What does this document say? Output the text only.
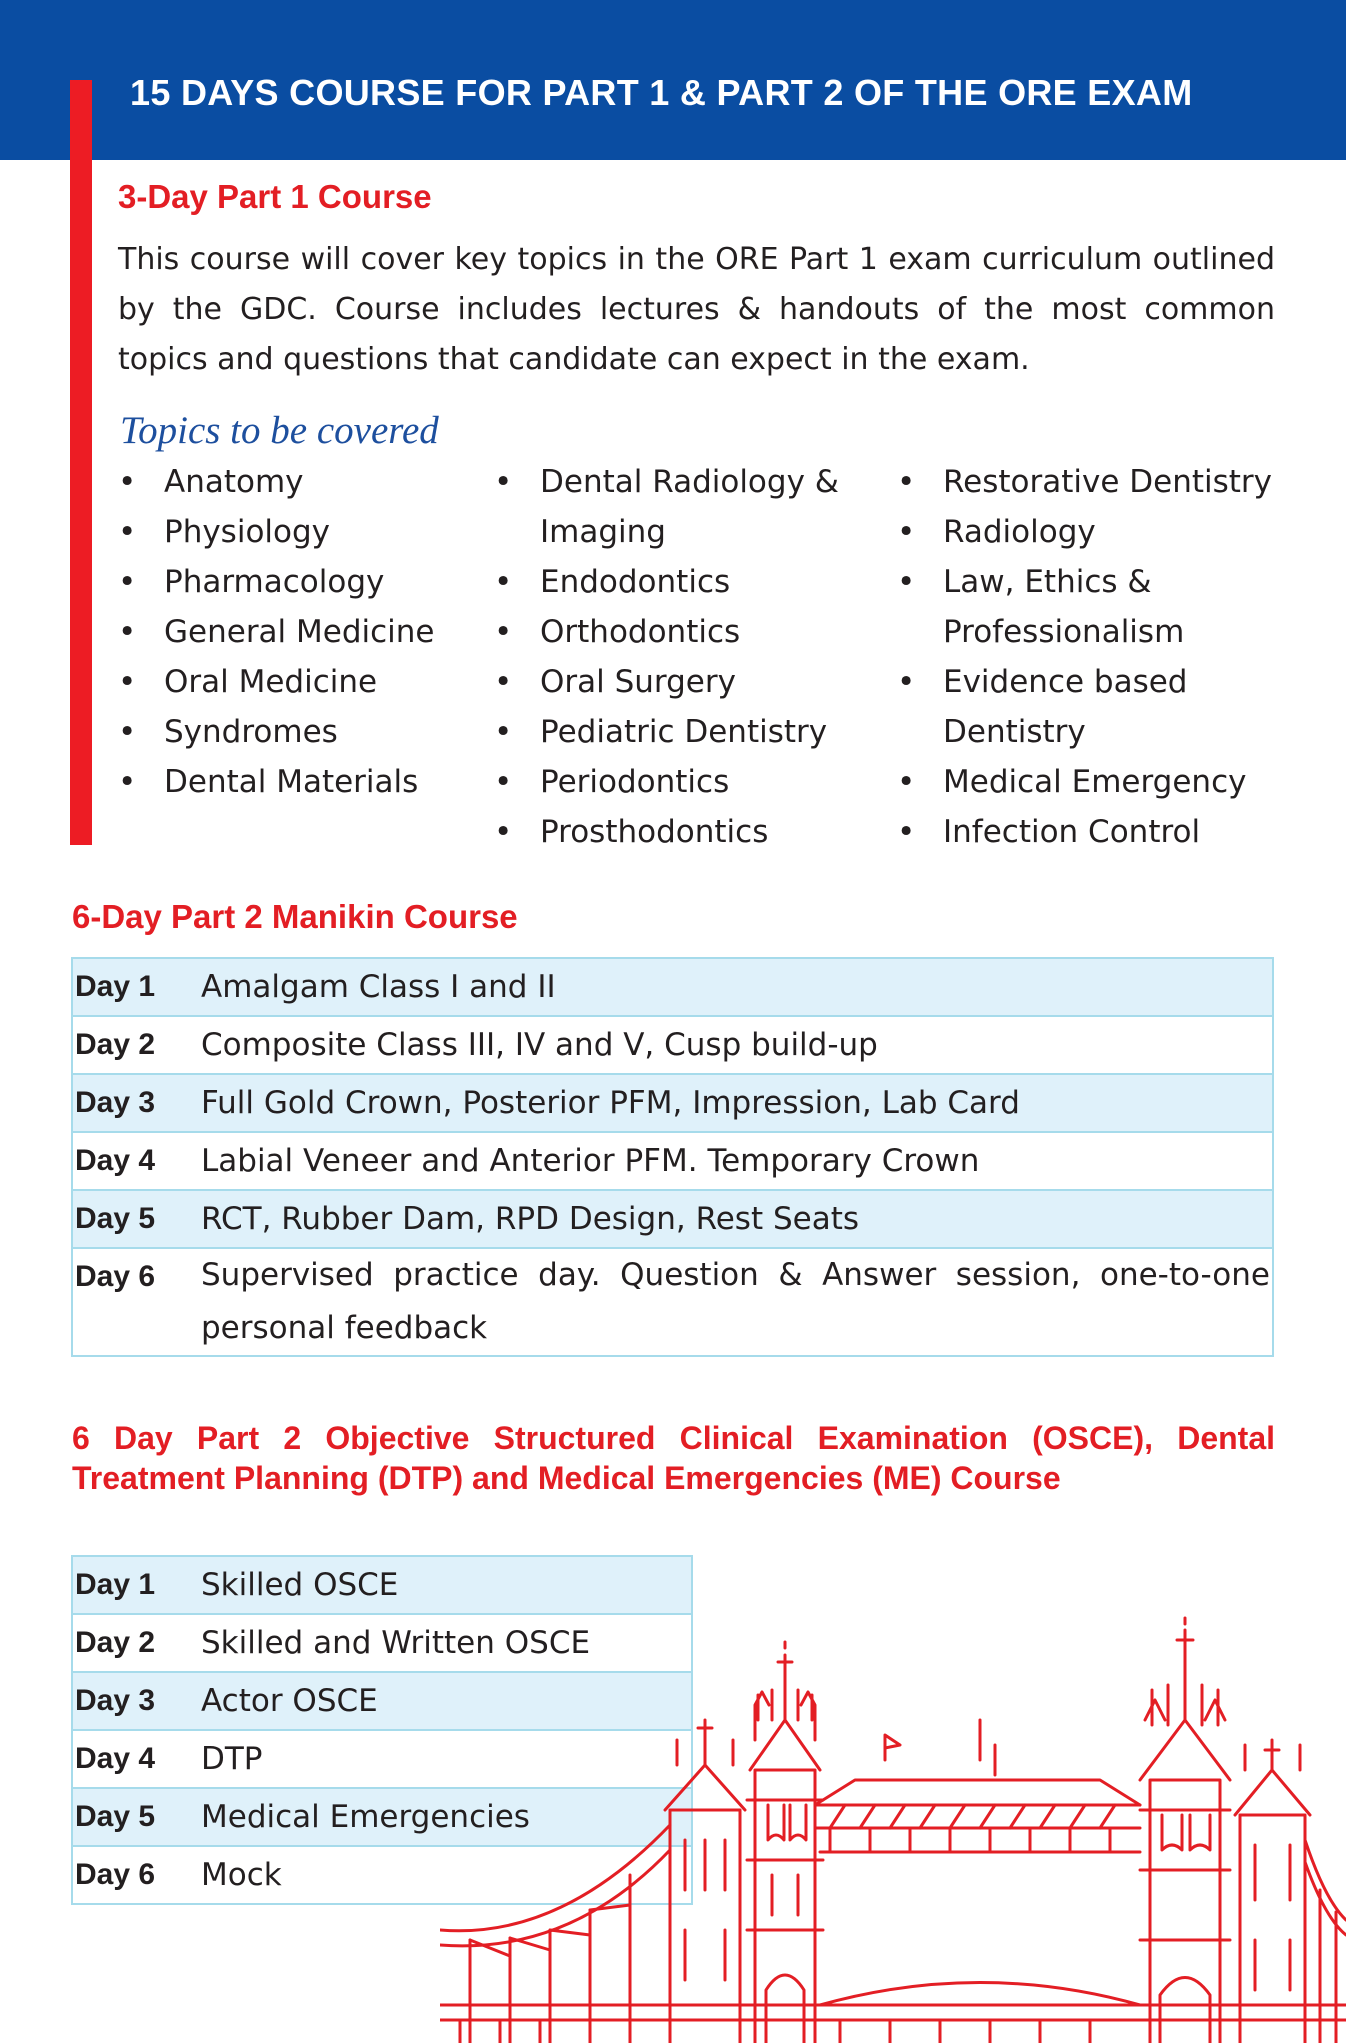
15 DAYS COURSE FOR PART 1 & PART 2 OF THE ORE EXAM
3-Day Part 1 Course

This course will cover key topics in the ORE Part 1 exam curriculum outlined by the GDC. Course includes lectures & handouts of the most common topics and questions that candidate can expect in the exam.

Topics to be covered
• Anatomy
• Physiology
• Pharmacology
• General Medicine
• Oral Medicine
• Syndromes
• Dental Materials
• Dental Radiology & Imaging
• Endodontics
• Orthodontics
• Oral Surgery
• Pediatric Dentistry
• Periodontics
• Prosthodontics
• Restorative Dentistry
• Radiology
• Law, Ethics & Professionalism
• Evidence based Dentistry
• Medical Emergency
• Infection Control
6-Day Part 2 Manikin Course
Day 1	Amalgam Class I and II
Day 2	Composite Class III, IV and V, Cusp build-up
Day 3	Full Gold Crown, Posterior PFM, Impression, Lab Card
Day 4	Labial Veneer and Anterior PFM. Temporary Crown
Day 5	RCT, Rubber Dam, RPD Design, Rest Seats
Day 6	Supervised practice day. Question & Answer session, one-to-one personal feedback
6 Day Part 2 Objective Structured Clinical Examination (OSCE), Dental Treatment Planning (DTP) and Medical Emergencies (ME) Course
Day 1	Skilled OSCE
Day 2	Skilled and Written OSCE
Day 3	Actor OSCE
Day 4	DTP
Day 5	Medical Emergencies
Day 6	Mock
